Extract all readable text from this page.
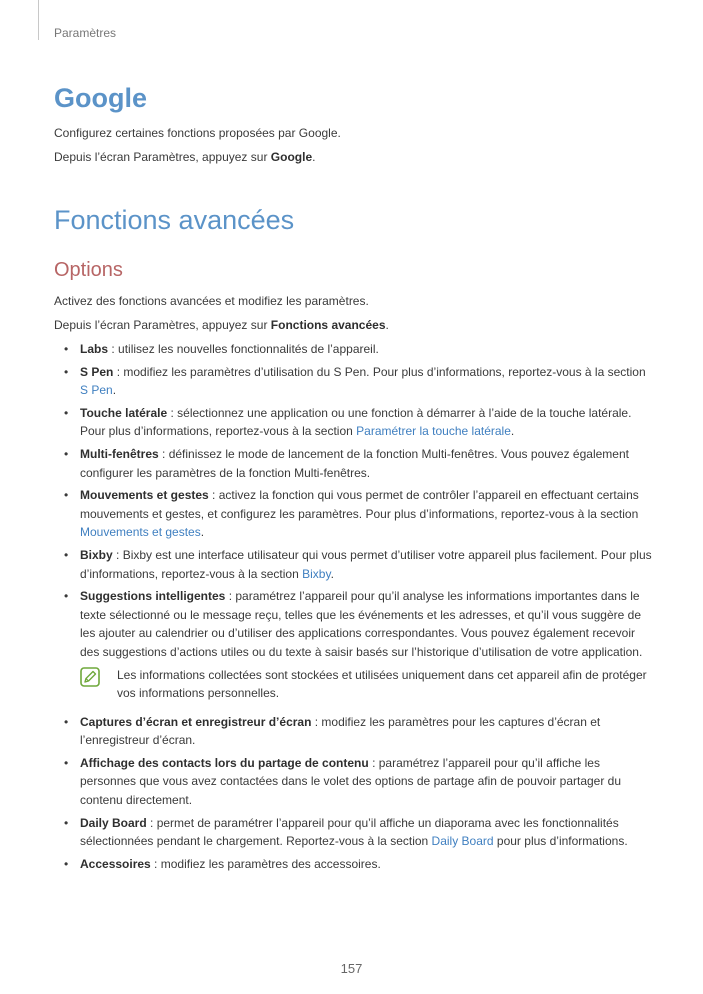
Paramètres
Google

Configurez certaines fonctions proposées par Google.

Depuis l’écran Paramètres, appuyez sur Google.

Fonctions avancées
Options

Activez des fonctions avancées et modifiez les paramètres.

Depuis l’écran Paramètres, appuyez sur Fonctions avancées.

• Labs : utilisez les nouvelles fonctionnalités de l’appareil.
• S Pen : modifiez les paramètres d’utilisation du S Pen. Pour plus d’informations, reportez-vous à la section S Pen.
• Touche latérale : sélectionnez une application ou une fonction à démarrer à l’aide de la touche latérale. Pour plus d’informations, reportez-vous à la section Paramétrer la touche latérale.
• Multi-fenêtres : définissez le mode de lancement de la fonction Multi-fenêtres. Vous pouvez également configurer les paramètres de la fonction Multi-fenêtres.
• Mouvements et gestes : activez la fonction qui vous permet de contrôler l’appareil en effectuant certains mouvements et gestes, et configurez les paramètres. Pour plus d’informations, reportez-vous à la section Mouvements et gestes.
• Bixby : Bixby est une interface utilisateur qui vous permet d’utiliser votre appareil plus facilement. Pour plus d’informations, reportez-vous à la section Bixby.
• Suggestions intelligentes : paramétrez l’appareil pour qu’il analyse les informations importantes dans le texte sélectionné ou le message reçu, telles que les événements et les adresses, et qu’il vous suggère de les ajouter au calendrier ou d’utiliser des applications correspondantes. Vous pouvez également recevoir des suggestions d’actions utiles ou du texte à saisir basés sur l’historique d’utilisation de votre application.
Les informations collectées sont stockées et utilisées uniquement dans cet appareil afin de protéger vos informations personnelles.
• Captures d’écran et enregistreur d’écran : modifiez les paramètres pour les captures d’écran et l’enregistreur d’écran.
• Affichage des contacts lors du partage de contenu : paramétrez l’appareil pour qu’il affiche les personnes que vous avez contactées dans le volet des options de partage afin de pouvoir partager du contenu directement.
• Daily Board : permet de paramétrer l’appareil pour qu’il affiche un diaporama avec les fonctionnalités sélectionnées pendant le chargement. Reportez-vous à la section Daily Board pour plus d’informations.
• Accessoires : modifiez les paramètres des accessoires.
157
